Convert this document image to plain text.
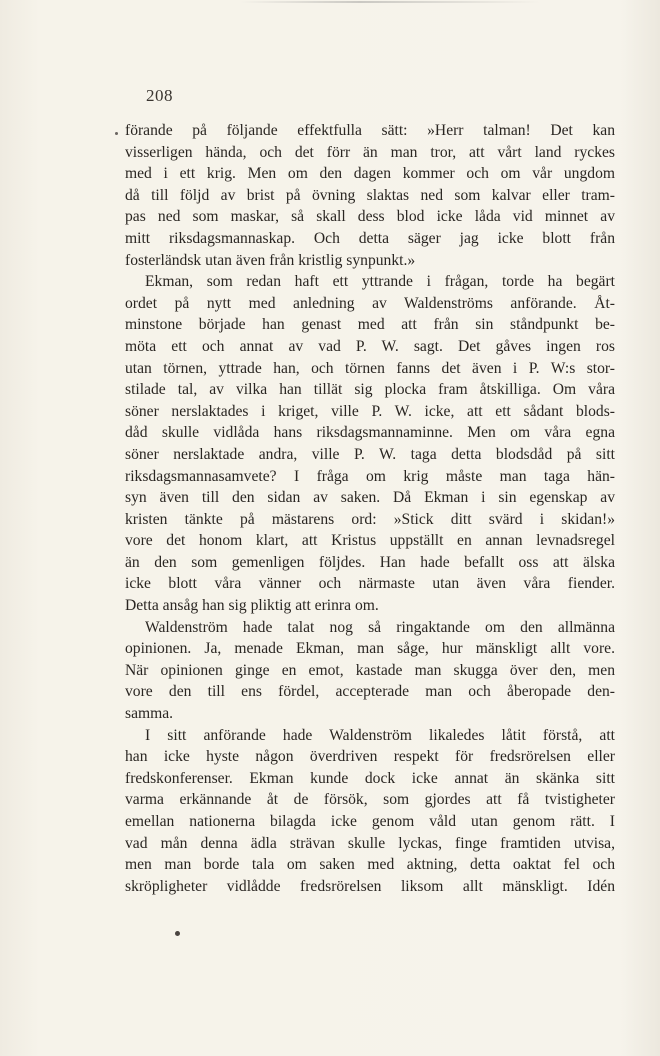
208
förande på följande effektfulla sätt: »Herr talman! Det kan
visserligen hända, och det förr än man tror, att vårt land ryckes
med i ett krig. Men om den dagen kommer och om vår ungdom
då till följd av brist på övning slaktas ned som kalvar eller tram-
pas ned som maskar, så skall dess blod icke låda vid minnet av
mitt riksdagsmannaskap. Och detta säger jag icke blott från
fosterländsk utan även från kristlig synpunkt.»
Ekman, som redan haft ett yttrande i frågan, torde ha begärt
ordet på nytt med anledning av Waldenströms anförande. Åt-
minstone började han genast med att från sin ståndpunkt be-
möta ett och annat av vad P. W. sagt. Det gåves ingen ros
utan törnen, yttrade han, och törnen fanns det även i P. W:s stor-
stilade tal, av vilka han tillät sig plocka fram åtskilliga. Om våra
söner nerslaktades i kriget, ville P. W. icke, att ett sådant blods-
dåd skulle vidlåda hans riksdagsmannaminne. Men om våra egna
söner nerslaktade andra, ville P. W. taga detta blodsdåd på sitt
riksdagsmannasamvete? I fråga om krig måste man taga hän-
syn även till den sidan av saken. Då Ekman i sin egenskap av
kristen tänkte på mästarens ord: »Stick ditt svärd i skidan!»
vore det honom klart, att Kristus uppställt en annan levnadsregel
än den som gemenligen följdes. Han hade befallt oss att älska
icke blott våra vänner och närmaste utan även våra fiender.
Detta ansåg han sig pliktig att erinra om.
Waldenström hade talat nog så ringaktande om den allmänna
opinionen. Ja, menade Ekman, man såge, hur mänskligt allt vore.
När opinionen ginge en emot, kastade man skugga över den, men
vore den till ens fördel, accepterade man och åberopade den-
samma.
I sitt anförande hade Waldenström likaledes låtit förstå, att
han icke hyste någon överdriven respekt för fredsrörelsen eller
fredskonferenser. Ekman kunde dock icke annat än skänka sitt
varma erkännande åt de försök, som gjordes att få tvistigheter
emellan nationerna bilagda icke genom våld utan genom rätt. I
vad mån denna ädla strävan skulle lyckas, finge framtiden utvisa,
men man borde tala om saken med aktning, detta oaktat fel och
skröpligheter vidlådde fredsrörelsen liksom allt mänskligt. Idén
